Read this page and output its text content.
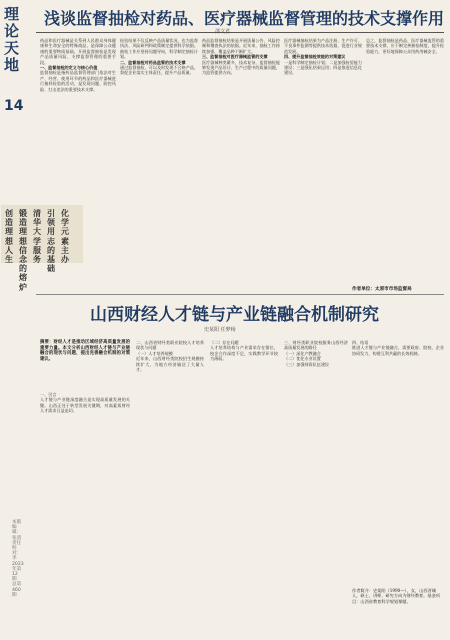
理论天地
14
本版编辑：张清 责任校对：李 2023年第12期 总第460期
创造理想人生
锻造理想信念的熔炉
清华大学服务
引领用志的基础
化学元素主办
浅谈监督抽检对药品、医疗器械监督管理的技术支撑作用
邵文君
药品和医疗器械是关系到人民群众身体健康和生命安全的特殊商品，是保障公众健康的重要物质基础。开展监督抽检是发现产品质量风险、支撑监督管理的重要手段。
一、监督抽检的定义与核心价值
监督抽检是指药品监督管理部门依法对生产、经营、使用环节的药品和医疗器械进行抽样检验的活动，是发现问题、防控风险、打击违法的重要技术支撑。
检验结果不仅反映产品质量状况，也为监督执法、风险研判和政策制定提供科学依据。抽检工作应坚持问题导向，科学制定抽检计划。
二、监督抽检对药品监管的技术支撑
通过监督抽检，可以及时发现不合格产品，督促企业落实主体责任，提升产品质量。
药品监督抽检结果是开展质量公告、风险控制和稽查执法的依据。近年来，抽检工作持续加强，覆盖品种不断扩大。
三、监督抽检对医疗器械监管的支撑
医疗器械种类繁多，技术复杂，监督抽检能够发现产品设计、生产过程中的质量问题，为监管提供方向。
医疗器械抽检结果为产品注册、生产许可、不良事件监测等提供技术依据，促进行业规范发展。
四、提升监督抽检效能的对策建议
一是科学制定抽检计划；二是加强检验能力建设；三是强化结果运用；四是推进信息化建设。
总之，监督抽检是药品、医疗器械监管的重要技术支撑，应不断完善抽检制度，提升检验能力，更好地保障公众用药用械安全。
作者单位：太原市市场监督局
山西财经人才链与产业链融合机制研究
史某阳 任梦杨
摘要：财经人才是推动区域经济高质量发展的重要力量。本文分析山西财经人才链与产业链融合的现状与问题，提出完善融合机制的对策建议。
一、引言
人才链与产业链深度融合是实现高质量发展的关键。山西正处于转型发展关键期，对高素质财经人才需求日益迫切。
二、山西省财经类职业院校人才培养现状与问题
（一）人才培养规模
近年来，山西财经类院校招生规模持续扩大，为地方经济输送了大量人才。
（二）存在问题
人才培养结构与产业需求存在错位，校企合作深度不足，实践教学环节较为薄弱。
三、财经类职业院校服务山西经济高质量发展的路径
（一）深化产教融合
（二）优化专业设置
（三）加强师资队伍建设
四、结语
推进人才链与产业链融合，需要政府、院校、企业协同发力，构建互利共赢的长效机制。
作者简介：史某阳（1990—），女，山西晋城人，硕士，讲师，研究方向为财经教育。基金项目：山西省教育科学规划课题。
